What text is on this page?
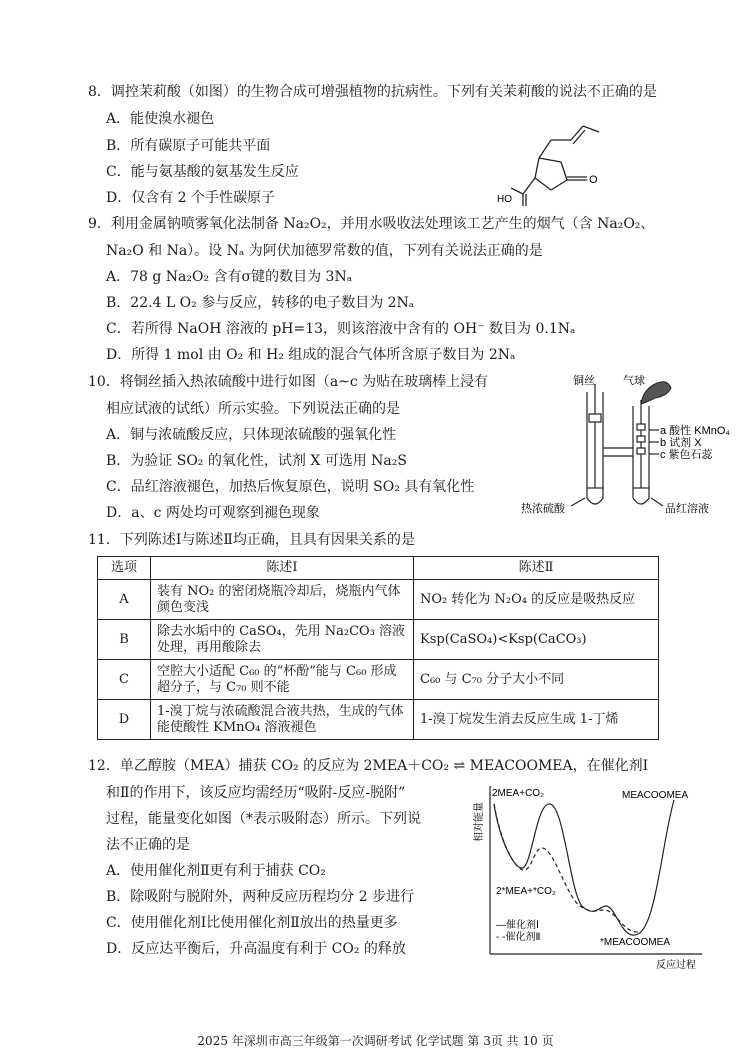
8．调控茉莉酸（如图）的生物合成可增强植物的抗病性。下列有关茉莉酸的说法不正确的是
A．能使溴水褪色
B．所有碳原子可能共平面
C．能与氨基酸的氨基发生反应
D．仅含有 2 个手性碳原子	HO
O
9．利用金属钠喷雾氧化法制备 Na₂O₂，并用水吸收法处理该工艺产生的烟气（含 Na₂O₂、
Na₂O 和 Na）。设 Nₐ 为阿伏加德罗常数的值，下列有关说法正确的是
A．78 g Na₂O₂ 含有σ键的数目为 3Nₐ
B．22.4 L O₂ 参与反应，转移的电子数目为 2Nₐ
C．若所得 NaOH 溶液的 pH=13，则该溶液中含有的 OH⁻ 数目为 0.1Nₐ
D．所得 1 mol 由 O₂ 和 H₂ 组成的混合气体所含原子数目为 2Nₐ
10．将铜丝插入热浓硫酸中进行如图（a~c 为贴在玻璃棒上浸有
相应试液的试纸）所示实验。下列说法正确的是
A．铜与浓硫酸反应，只体现浓硫酸的强氧化性
B．为验证 SO₂ 的氧化性，试剂 X 可选用 Na₂S
C．品红溶液褪色，加热后恢复原色，说明 SO₂ 具有氧化性
D．a、c 两处均可观察到褪色现象
铜丝	气球
a 酸性 KMnO₄
b 试剂 X
c 紫色石蕊
热浓硫酸	品红溶液
11．下列陈述Ⅰ与陈述Ⅱ均正确，且具有因果关系的是
选项	陈述Ⅰ	陈述Ⅱ
A	装有 NO₂ 的密闭烧瓶冷却后，烧瓶内气体颜色变浅	NO₂ 转化为 N₂O₄ 的反应是吸热反应
B	除去水垢中的 CaSO₄，先用 Na₂CO₃ 溶液处理，再用酸除去	Ksp(CaSO₄)<Ksp(CaCO₃)
C	空腔大小适配 C₆₀ 的“杯酚”能与 C₆₀ 形成超分子，与 C₇₀ 则不能	C₆₀ 与 C₇₀ 分子大小不同
D	1-溴丁烷与浓硫酸混合液共热，生成的气体能使酸性 KMnO₄ 溶液褪色	1-溴丁烷发生消去反应生成 1-丁烯
12．单乙醇胺（MEA）捕获 CO₂ 的反应为 2MEA＋CO₂ ⇌ MEACOOMEA，在催化剂Ⅰ
和Ⅱ的作用下，该反应均需经历“吸附-反应-脱附”
过程，能量变化如图（*表示吸附态）所示。下列说
法不正确的是
A．使用催化剂Ⅱ更有利于捕获 CO₂
B．除吸附与脱附外，两种反应历程均分 2 步进行
C．使用催化剂Ⅰ比使用催化剂Ⅱ放出的热量更多
D．反应达平衡后，升高温度有利于 CO₂ 的释放
2MEA+CO₂	MEACOOMEA
2*MEA+*CO₂
*MEACOOMEA
相对能量
反应过程
—催化剂Ⅰ
- -催化剂Ⅱ
2025 年深圳市高三年级第一次调研考试 化学试题 第 3页 共 10 页
